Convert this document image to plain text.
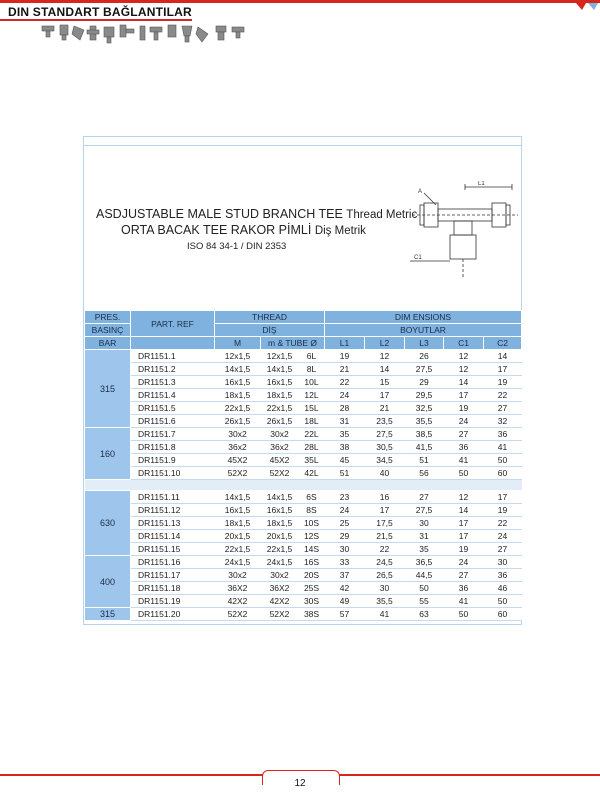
DIN STANDART BAĞLANTILAR
ASDJUSTABLE MALE STUD BRANCH TEE Thread Metric
ORTA BACAK TEE RAKOR PİMLİ Diş Metrik
ISO 84 34-1 / DIN 2353
L1
A
C1
PRES.	PART. REF	THREAD			DIM ENSIONS				
BASINÇ		DİŞ			BOYUTLAR				
BAR		M	m & TUBE Ø		L1	L2	L3	C1	C2
315	DR1151.1	12x1,5	12x1,5	6L	19	12	26	12	14
	DR1151.2	14x1,5	14x1,5	8L	21	14	27,5	12	17
	DR1151.3	16x1,5	16x1,5	10L	22	15	29	14	19
	DR1151.4	18x1,5	18x1,5	12L	24	17	29,5	17	22
	DR1151.5	22x1,5	22x1,5	15L	28	21	32,5	19	27
	DR1151.6	26x1,5	26x1,5	18L	31	23,5	35,5	24	32
160	DR1151.7	30x2	30x2	22L	35	27,5	38,5	27	36
	DR1151.8	36x2	36x2	28L	38	30,5	41,5	36	41
	DR1151.9	45X2	45X2	35L	45	34,5	51	41	50
	DR1151.10	52X2	52X2	42L	51	40	56	50	60

630	DR1151.11	14x1,5	14x1,5	6S	23	16	27	12	17
	DR1151.12	16x1,5	16x1,5	8S	24	17	27,5	14	19
	DR1151.13	18x1,5	18x1,5	10S	25	17,5	30	17	22
	DR1151.14	20x1,5	20x1,5	12S	29	21,5	31	17	24
	DR1151.15	22x1,5	22x1,5	14S	30	22	35	19	27
400	DR1151.16	24x1,5	24x1,5	16S	33	24,5	36,5	24	30
	DR1151.17	30x2	30x2	20S	37	26,5	44,5	27	36
	DR1151.18	36X2	36X2	25S	42	30	50	36	46
	DR1151.19	42X2	42X2	30S	49	35,5	55	41	50
315	DR1151.20	52X2	52X2	38S	57	41	63	50	60
12
